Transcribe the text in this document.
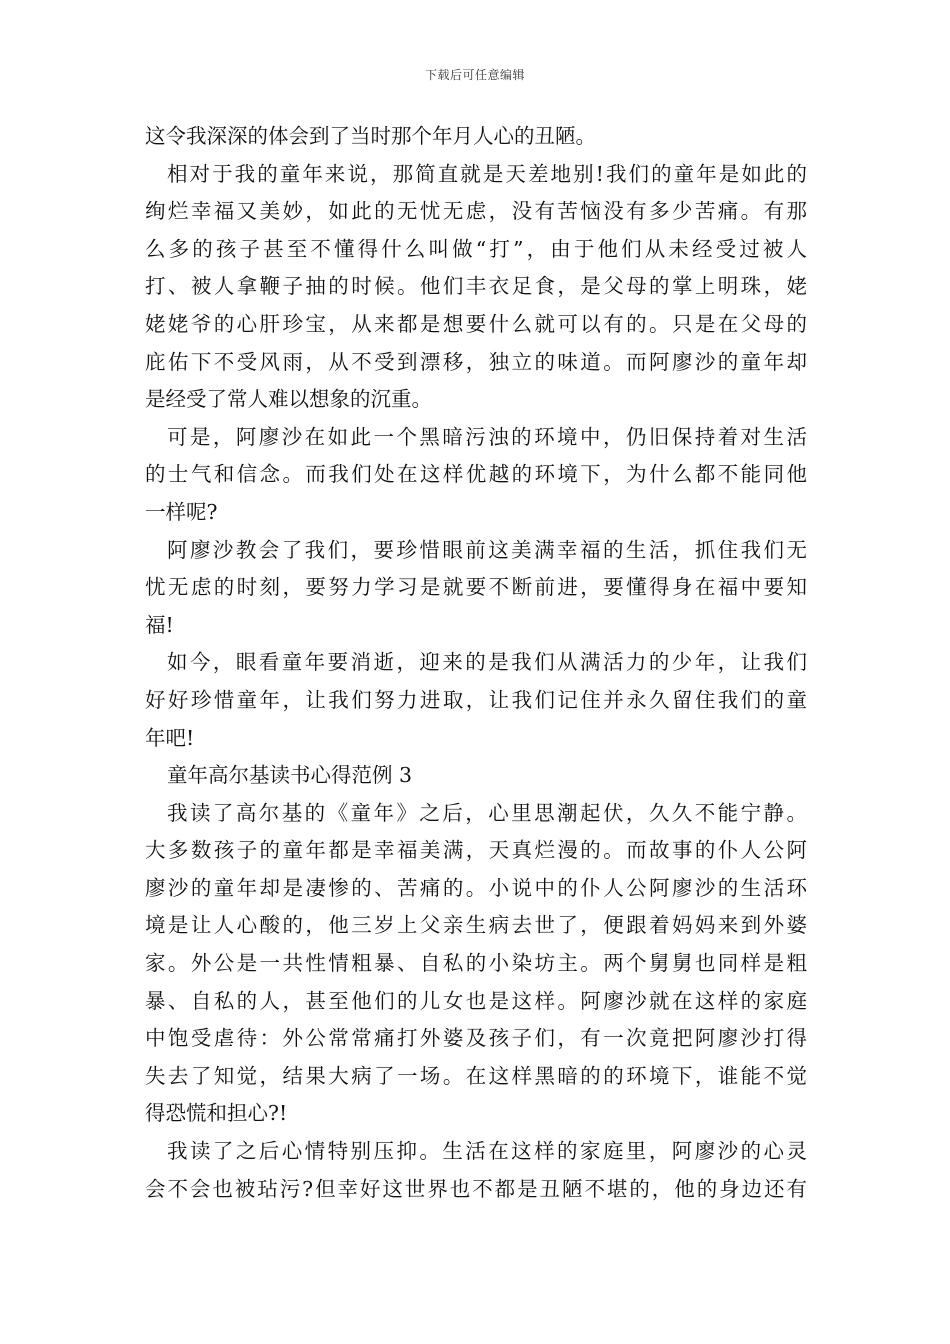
下载后可任意编辑
这令我深深的体会到了当时那个年月人心的丑陋。
相对于我的童年来说，那简直就是天差地别!我们的童年是如此的
绚烂幸福又美妙，如此的无忧无虑，没有苦恼没有多少苦痛。有那
么多的孩子甚至不懂得什么叫做“打”，由于他们从未经受过被人
打、被人拿鞭子抽的时候。他们丰衣足食，是父母的掌上明珠，姥
姥姥爷的心肝珍宝，从来都是想要什么就可以有的。只是在父母的
庇佑下不受风雨，从不受到漂移，独立的味道。而阿廖沙的童年却
是经受了常人难以想象的沉重。
可是，阿廖沙在如此一个黑暗污浊的环境中，仍旧保持着对生活
的士气和信念。而我们处在这样优越的环境下，为什么都不能同他
一样呢?
阿廖沙教会了我们，要珍惜眼前这美满幸福的生活，抓住我们无
忧无虑的时刻，要努力学习是就要不断前进，要懂得身在福中要知
福!
如今，眼看童年要消逝，迎来的是我们从满活力的少年，让我们
好好珍惜童年，让我们努力进取，让我们记住并永久留住我们的童
年吧!
童年高尔基读书心得范例 3
我读了高尔基的《童年》之后，心里思潮起伏，久久不能宁静。
大多数孩子的童年都是幸福美满，天真烂漫的。而故事的仆人公阿
廖沙的童年却是凄惨的、苦痛的。小说中的仆人公阿廖沙的生活环
境是让人心酸的，他三岁上父亲生病去世了，便跟着妈妈来到外婆
家。外公是一共性情粗暴、自私的小染坊主。两个舅舅也同样是粗
暴、自私的人，甚至他们的儿女也是这样。阿廖沙就在这样的家庭
中饱受虐待：外公常常痛打外婆及孩子们，有一次竟把阿廖沙打得
失去了知觉，结果大病了一场。在这样黑暗的的环境下，谁能不觉
得恐慌和担心?!
我读了之后心情特别压抑。生活在这样的家庭里，阿廖沙的心灵
会不会也被玷污?但幸好这世界也不都是丑陋不堪的，他的身边还有
